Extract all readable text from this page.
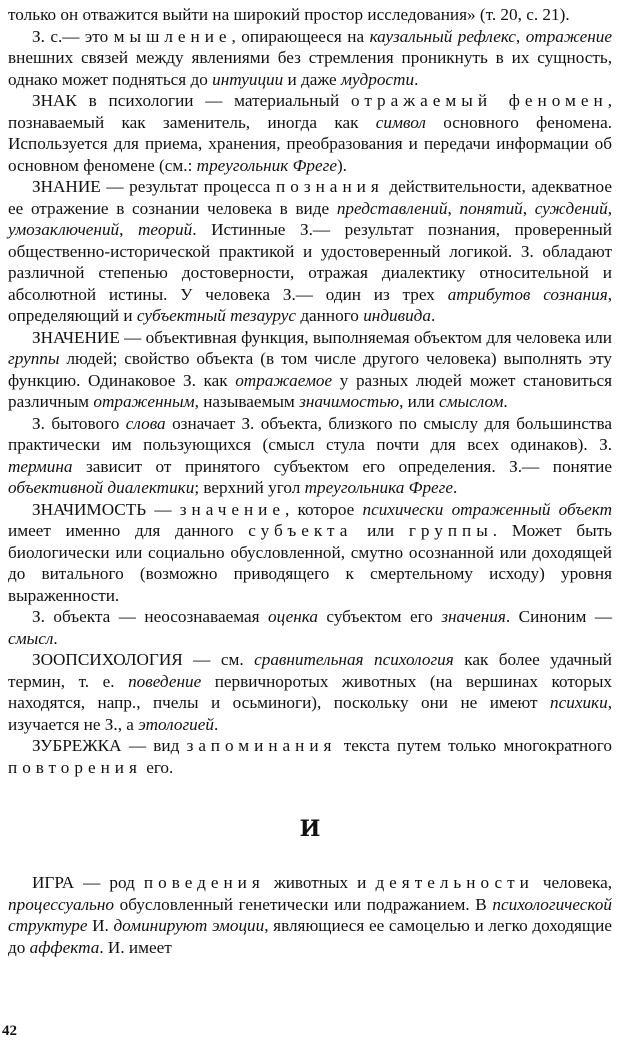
только он отважится выйти на широкий простор исследования» (т. 20, с. 21).

З. с.— это мышление, опирающееся на каузальный рефлекс, отражение внешних связей между явлениями без стремления проникнуть в их сущность, однако может подняться до интуиции и даже мудрости.

ЗНАК в психологии — материальный отражаемый феномен, познаваемый как заменитель, иногда как символ основного феномена. Используется для приема, хранения, преобразования и передачи информации об основном феномене (см.: треугольник Фреге).

ЗНАНИЕ — результат процесса познания действительности, адекватное ее отражение в сознании человека в виде представлений, понятий, суждений, умозаключений, теорий. Истинные З.— результат познания, проверенный общественно-исторической практикой и удостоверенный логикой. З. обладают различной степенью достоверности, отражая диалектику относительной и абсолютной истины. У человека З.— один из трех атрибутов сознания, определяющий и субъектный тезаурус данного индивида.

ЗНАЧЕНИЕ — объективная функция, выполняемая объектом для человека или группы людей; свойство объекта (в том числе другого человека) выполнять эту функцию. Одинаковое З. как отражаемое у разных людей может становиться различным отраженным, называемым значимостью, или смыслом.

З. бытового слова означает З. объекта, близкого по смыслу для большинства практически им пользующихся (смысл стула почти для всех одинаков). З. термина зависит от принятого субъектом его определения. З.— понятие объективной диалектики; верхний угол треугольника Фреге.

ЗНАЧИМОСТЬ — значение, которое психически отраженный объект имеет именно для данного субъекта или группы. Может быть биологически или социально обусловленной, смутно осознанной или доходящей до витального (возможно приводящего к смертельному исходу) уровня выраженности.

З. объекта — неосознаваемая оценка субъектом его значения. Синоним — смысл.

ЗООПСИХОЛОГИЯ — см. сравнительная психология как более удачный термин, т. е. поведение первичноротых животных (на вершинах которых находятся, напр., пчелы и осьминоги), поскольку они не имеют психики, изучается не З., а этологией.

ЗУБРЕЖКА — вид запоминания текста путем только многократного повторения его.

И

ИГРА — род поведения животных и деятельности человека, процессуально обусловленный генетически или подражанием. В психологической структуре И. доминируют эмоции, являющиеся ее самоцелью и легко доходящие до аффекта. И. имеет

42
